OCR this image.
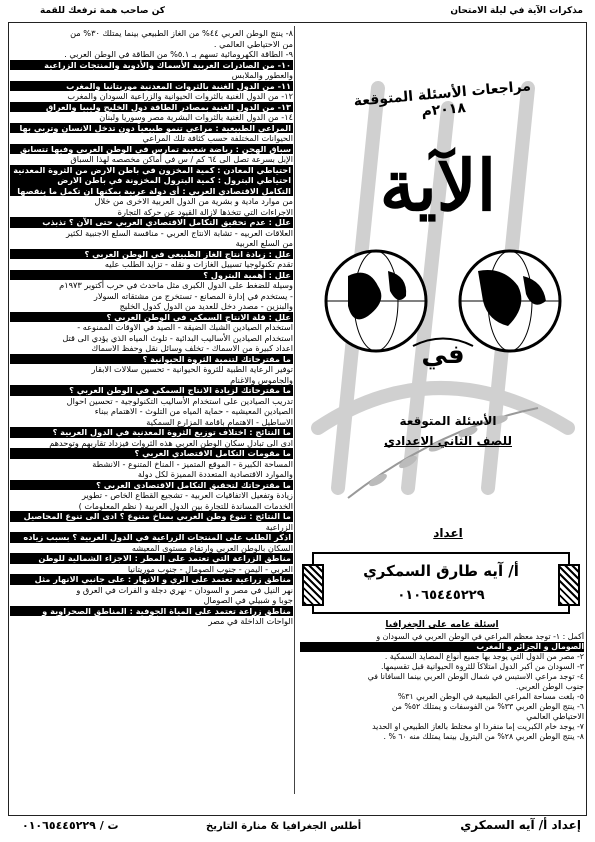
مذكرات الآية في ليلة الامتحان
كن صاحب همة ترفعك للقمة
٨- ينتج الوطن العربي ٤٤% من الغاز الطبيعي بينما يمتلك ٣٠% من
من الاحتياطي العالمي .
٩- الطاقة الكهرومائية تسهم بـ ٥.١% من الطاقة في الوطن العربي .
١٠- من الصادرات العربية الأسماك والأدوية والمنتجات الزراعية
والعطور والملابس
١١- من الدول الغنية بالثروات المعدنية موريتانيا والمغرب
١٢- من الدول الغنية بالثروات الحيوانية والزراعية السودان والمغرب
١٣- من الدول الغنية بمصادر الطاقة دول الخليج وليبيا والعراق
١٤- من الدول الغنية بالثروات البشرية مصر وسوريا ولبنان
المراعي الطبيعية : مراعي تنمو طبيعياً دون تدخل الانسان وتربي بها
الحيوانات المختلفة حسب كثافة تلك المراعي
سباق الهجن : رياضة شعبية تمارس في الوطن العربي وفيها تتسابق
الإبل بسرعة تصل الى ٦٤ كم / س في أماكن مخصصه لهذا السباق
احتياطي المعادن : كمية المخزون في باطن الارض من الثروة المعدنية
احتياطي البترول : كمية البترول المخزونة في باطن الارض
التكامل الاقتصادي العربي : أى دولة عربية يمكنها ان تكمل ما ينقصها
من موارد مادية و بشرية من الدول العربية الاخرى من خلال
الاجراءات التي تتخذها لازالة القيود عن حركة التجارة
علل : عدم تحقيق التكامل الاقتصادي العربي حتى الآن ؟ تذبذب
العلاقات العربيه - تشابة الانتاج العربي - منافسة السلع الاجنبية لكثير
من السلع العربية
علل : زيادة انتاج الغاز الطبيعي في الوطن العربي ؟
تقدم تكنولوجيا تسييل الغازات و نقله - تزايد الطلب عليه
علل : أهمية البترول ؟
وسيلة للضغط على الدول الكبرى مثل ماحدث في حرب أكتوبر ١٩٧٣م
- يستخدم في إدارة المصانع - تستخرج من مشتقاته السولار
والبنزين - مصدر دخل للعديد من الدول كدول الخليج
علل : قلة الانتاج السمكي في الوطن العربي ؟
استخدام الصيادين الشبك الضيقة - الصيد في الاوقات الممنوعه -
استخدام الصيادين الأساليب البدائية - تلوث المياه الذي يؤدي الى قتل
اعداد كبيرة من الاسماك - تخلف وسائل نقل وحفظ الاسماك
ما مقترحاتك لتنمية الثروة الحيوانية ؟
توفير الرعاية الطبية للثروة الحيوانية - تحسين سلالات الابقار
والجاموس والاغنام
ما مقترحاتك لزيادة الانتاج السمكي في الوطن العربي ؟
تدريب الصيادين على استخدام الأساليب التكنولوجية - تحسين احوال
الصيادين المعيشيه - حماية المياه من التلوث - الاهتمام ببناء
الاساطيل - الاهتمام باقامة المزارع السمكية
ما النتائج : اختلاف توزيع الثروة المعدنية في الدول العربية ؟
ادى الى تبادل سكان الوطن العربي هذه الثروات فيزداد تقاربهم وتوحدهم
ما مقومات التكامل الاقتصادي العربي ؟
المساحة الكبيرة - الموقع المتميز - المناخ المتنوع - الانشطة
والموارد الاقتصادية المتعددة المميزة لكل دولة
ما مقترحاتك لتحقيق التكامل الاقتصادي العربي ؟
زيادة وتفعيل الاتفاقيات العربية - تشجيع القطاع الخاص - تطوير
الخدمات المساندة للتجارة بين الدول العربية ( نظم المعلومات )
ما النتائج : تنوع وطن العربي بمناخ متنوع ؟ ادى الى تنوع المحاصيل
الزراعية
اذكر الطلب على المنتجات الزراعية في الدول العربية ؟ بسبب زياده
السكان بالوطن العربي وارتفاع مستوى المعيشه
مناطق الزراعة التي تعتمد على المطر : الاجزاء الشمالية للوطن
العربي - اليمن - جنوب الصومال - جنوب موريتانيا
مناطق زراعية تعتمد على الري و الانهار : على جانبي الانهار مثل
نهر النيل في مصر و السودان - نهري دجلة و الفرات في العرق و
جوبا و شبيلي في الصومال
مناطق زراعة تعتمد على المياة الجوفية : المناطق الصحراوية و
الواحات الداخلة في مصر
مراجعات الأسئلة المتوقعة ٢٠١٨م
الآية
في
الأسئلة المتوقعة
للصف الثاني الاعدادي
اعداد
أ/ آيه طارق السمكري
٠١٠٦٥٤٤٥٢٢٩
اسئلة عامه على الجغرافيا
أكمل : ١- توجد معظم المراعي في الوطن العربي في السودان و
الصومال و الجزائر و المغرب
٢- مصر من الدول التي يوجد بها جميع أنواع المصايد السمكية .
٣- السودان من أكبر الدول امتلاكاً للثروة الحيوانية قبل تقسيمها.
٤- توجد مراعي الاستبس في شمال الوطن العربي بينما السافانا في
جنوب الوطن العربي.
٥- بلغت مساحة المراعي الطبيعية في الوطن العربي ٣١%
٦- ينتج الوطن العربي ٣٣% من الفوسفات و يمتلك ٥٢% من
الاحتياطي العالمي
٧- يوجد خام الكبريت إما منفردا او مختلط بالغاز الطبيعي او الحديد
٨- ينتج الوطن العربي ٢٨% من البترول بينما يمتلك منه ٦٠ % .
إعداد أ/ آيه السمكري
أطلس الجغرافيا & منارة التاريخ
ت / ٠١٠٦٥٤٤٥٢٢٩
